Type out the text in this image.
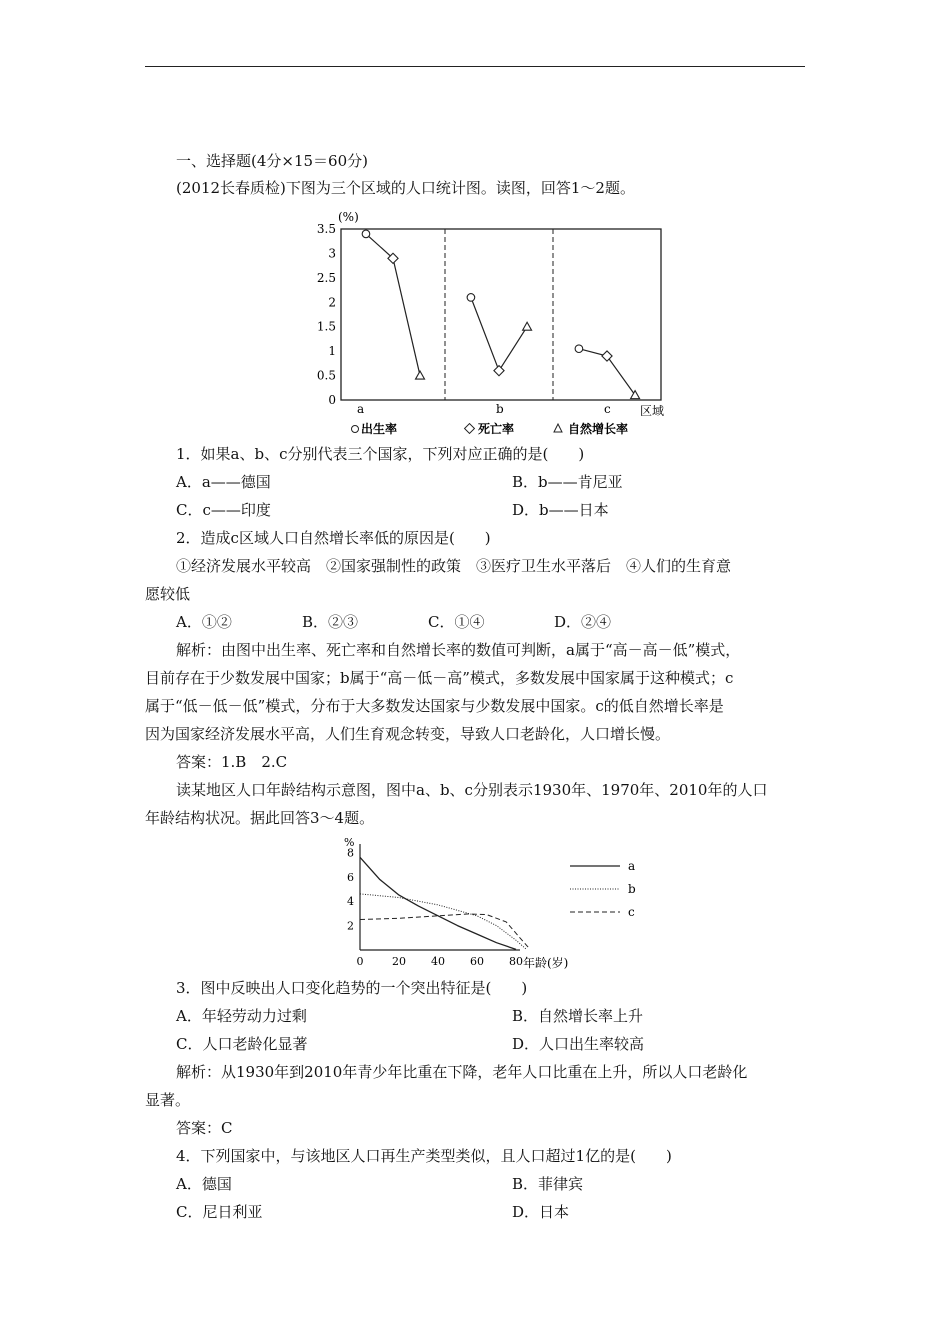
一、选择题(4分×15＝60分)
(2012长春质检)下图为三个区域的人口统计图。读图，回答1～2题。
(%)
3.5
3
2.5
2
1.5
1
0.5
0
a	b	c 区域
出生率	死亡率	自然增长率
1．如果a、b、c分别代表三个国家，下列对应正确的是(　　)
A．a——德国	B．b——肯尼亚
C．c——印度	D．b——日本
2．造成c区域人口自然增长率低的原因是(　　)
①经济发展水平较高　②国家强制性的政策　③医疗卫生水平落后　④人们的生育意
愿较低
A．①②	B．②③	C．①④	D．②④
解析：由图中出生率、死亡率和自然增长率的数值可判断，a属于“高－高－低”模式，
目前存在于少数发展中国家；b属于“高－低－高”模式，多数发展中国家属于这种模式；c
属于“低－低－低”模式，分布于大多数发达国家与少数发展中国家。c的低自然增长率是
因为国家经济发展水平高，人们生育观念转变，导致人口老龄化，人口增长慢。
答案：1.B　2.C
读某地区人口年龄结构示意图，图中a、b、c分别表示1930年、1970年、2010年的人口
年龄结构状况。据此回答3～4题。
%
8
6
4
2
0	20 40 60 80 年龄(岁)
a
b
c
3．图中反映出人口变化趋势的一个突出特征是(　　)
A．年轻劳动力过剩	B．自然增长率上升
C．人口老龄化显著	D．人口出生率较高
解析：从1930年到2010年青少年比重在下降，老年人口比重在上升，所以人口老龄化
显著。
答案：C
4．下列国家中，与该地区人口再生产类型类似，且人口超过1亿的是(　　)
A．德国	B．菲律宾
C．尼日利亚	D．日本
